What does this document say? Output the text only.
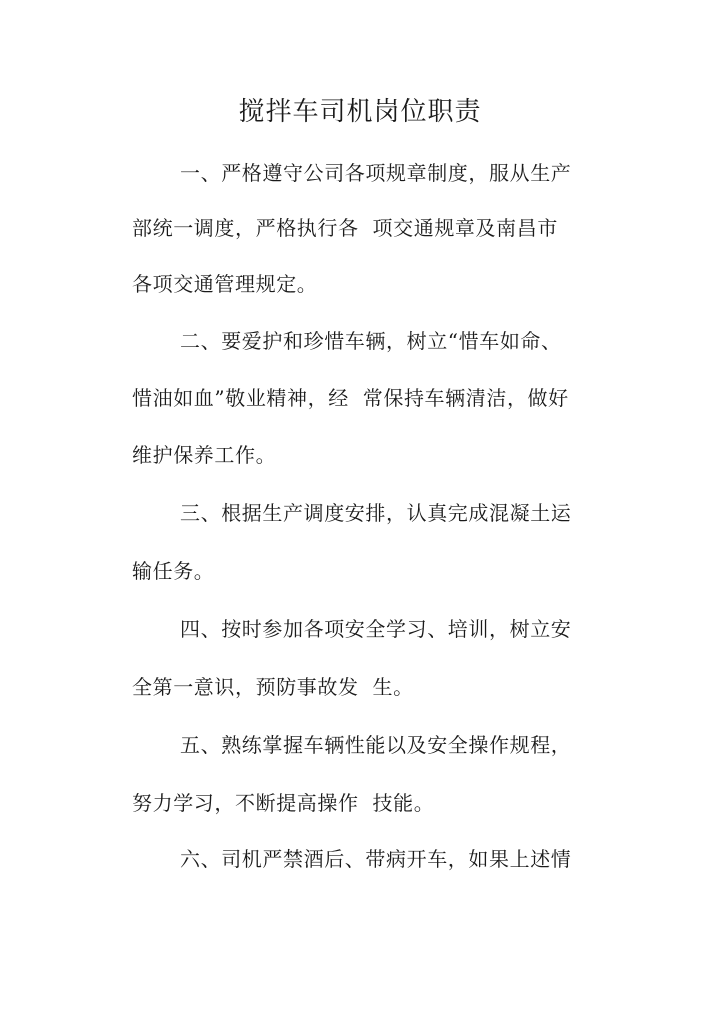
搅拌车司机岗位职责

一、严格遵守公司各项规章制度，服从生产

部统一调度，严格执行各  项交通规章及南昌市

各项交通管理规定。

二、要爱护和珍惜车辆，树立“惜车如命、

惜油如血”敬业精神，经  常保持车辆清洁，做好

维护保养工作。

三、根据生产调度安排，认真完成混凝土运

输任务。

四、按时参加各项安全学习、培训，树立安

全第一意识，预防事故发  生。

五、熟练掌握车辆性能以及安全操作规程，

努力学习，不断提高操作  技能。

六、司机严禁酒后、带病开车，如果上述情
